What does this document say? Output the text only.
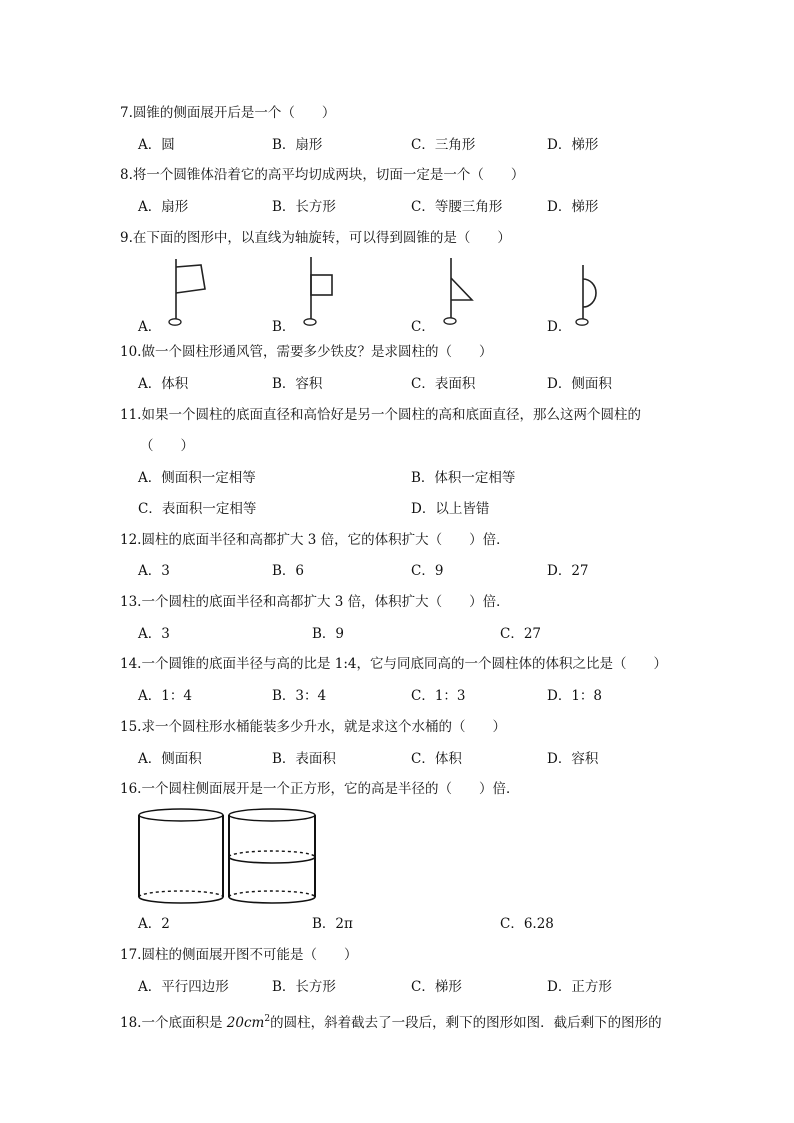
7.圆锥的侧面展开后是一个（　　）
A．圆	B．扇形	C．三角形	D．梯形
8.将一个圆锥体沿着它的高平均切成两块，切面一定是一个（　　）
A．扇形	B．长方形	C．等腰三角形	D．梯形
9.在下面的图形中，以直线为轴旋转，可以得到圆锥的是（　　）
A．	B．	C．	D．
10.做一个圆柱形通风管，需要多少铁皮？是求圆柱的（　　）
A．体积	B．容积	C．表面积	D．侧面积
11.如果一个圆柱的底面直径和高恰好是另一个圆柱的高和底面直径，那么这两个圆柱的
（　　）
A．侧面积一定相等	B．体积一定相等
C．表面积一定相等	D．以上皆错
12.圆柱的底面半径和高都扩大 3 倍，它的体积扩大（　　）倍．
A．3	B．6	C．9	D．27
13.一个圆柱的底面半径和高都扩大 3 倍，体积扩大（　　）倍．
A．3	B．9	C．27
14.一个圆锥的底面半径与高的比是 1:4，它与同底同高的一个圆柱体的体积之比是（　　）
A．1：4	B．3：4	C．1：3	D．1：8
15.求一个圆柱形水桶能装多少升水，就是求这个水桶的（　　）
A．侧面积	B．表面积	C．体积	D．容积
16.一个圆柱侧面展开是一个正方形，它的高是半径的（　　）倍．
A．2	B．2π	C．6.28
17.圆柱的侧面展开图不可能是（　　）
A．平行四边形	B．长方形	C．梯形	D．正方形
18.一个底面积是 $20cm^2$的圆柱，斜着截去了一段后，剩下的图形如图．截后剩下的图形的
